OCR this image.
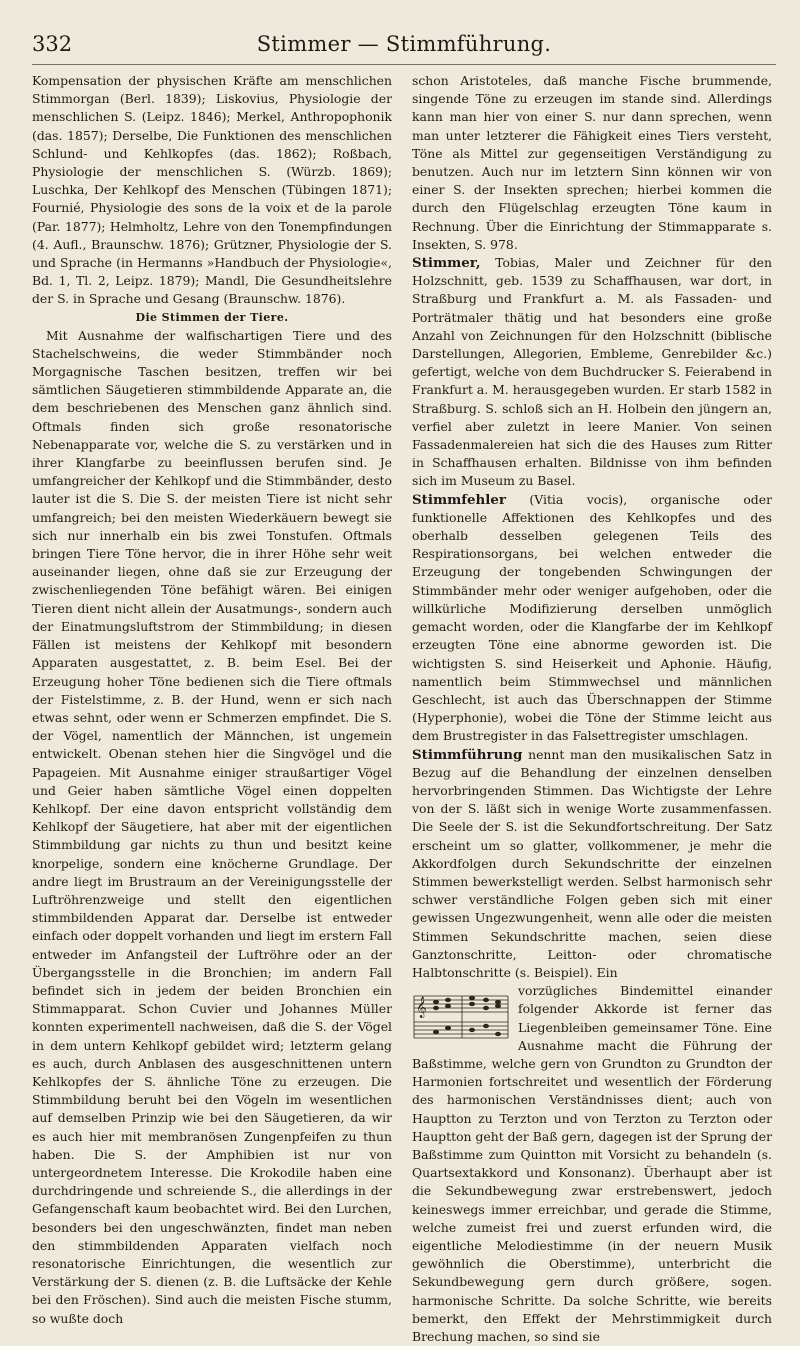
332	Stimmer — Stimmführung.

Kompensation der physischen Kräfte am menschlichen Stimmorgan (Berl. 1839); Liskovius, Physiologie der menschlichen S. (Leipz. 1846); Merkel, Anthropophonik (das. 1857); Derselbe, Die Funktionen des menschlichen Schlund- und Kehlkopfes (das. 1862); Roßbach, Physiologie der menschlichen S. (Würzb. 1869); Luschka, Der Kehlkopf des Menschen (Tübingen 1871); Fournié, Physiologie des sons de la voix et de la parole (Par. 1877); Helmholtz, Lehre von den Tonempfindungen (4. Aufl., Braunschw. 1876); Grützner, Physiologie der S. und Sprache (in Hermanns »Handbuch der Physiologie«, Bd. 1, Tl. 2, Leipz. 1879); Mandl, Die Gesundheitslehre der S. in Sprache und Gesang (Braunschw. 1876).

Die Stimmen der Tiere.

Mit Ausnahme der walfischartigen Tiere und des Stachelschweins, die weder Stimmbänder noch Morgagnische Taschen besitzen, treffen wir bei sämtlichen Säugetieren stimmbildende Apparate an, die dem beschriebenen des Menschen ganz ähnlich sind. Oftmals finden sich große resonatorische Nebenapparate vor, welche die S. zu verstärken und in ihrer Klangfarbe zu beeinflussen berufen sind. Je umfangreicher der Kehlkopf und die Stimmbänder, desto lauter ist die S. Die S. der meisten Tiere ist nicht sehr umfangreich; bei den meisten Wiederkäuern bewegt sie sich nur innerhalb ein bis zwei Tonstufen. Oftmals bringen Tiere Töne hervor, die in ihrer Höhe sehr weit auseinander liegen, ohne daß sie zur Erzeugung der zwischenliegenden Töne befähigt wären. Bei einigen Tieren dient nicht allein der Ausatmungs-, sondern auch der Einatmungsluftstrom der Stimmbildung; in diesen Fällen ist meistens der Kehlkopf mit besondern Apparaten ausgestattet, z. B. beim Esel. Bei der Erzeugung hoher Töne bedienen sich die Tiere oftmals der Fistelstimme, z. B. der Hund, wenn er sich nach etwas sehnt, oder wenn er Schmerzen empfindet. Die S. der Vögel, namentlich der Männchen, ist ungemein entwickelt. Obenan stehen hier die Singvögel und die Papageien. Mit Ausnahme einiger straußartiger Vögel und Geier haben sämtliche Vögel einen doppelten Kehlkopf. Der eine davon entspricht vollständig dem Kehlkopf der Säugetiere, hat aber mit der eigentlichen Stimmbildung gar nichts zu thun und besitzt keine knorpelige, sondern eine knöcherne Grundlage. Der andre liegt im Brustraum an der Vereinigungsstelle der Luftröhrenzweige und stellt den eigentlichen stimmbildenden Apparat dar. Derselbe ist entweder einfach oder doppelt vorhanden und liegt im erstern Fall entweder im Anfangsteil der Luftröhre oder an der Übergangsstelle in die Bronchien; im andern Fall befindet sich in jedem der beiden Bronchien ein Stimmapparat. Schon Cuvier und Johannes Müller konnten experimentell nachweisen, daß die S. der Vögel in dem untern Kehlkopf gebildet wird; letzterm gelang es auch, durch Anblasen des ausgeschnittenen untern Kehlkopfes der S. ähnliche Töne zu erzeugen. Die Stimmbildung beruht bei den Vögeln im wesentlichen auf demselben Prinzip wie bei den Säugetieren, da wir es auch hier mit membranösen Zungenpfeifen zu thun haben. Die S. der Amphibien ist nur von untergeordnetem Interesse. Die Krokodile haben eine durchdringende und schreiende S., die allerdings in der Gefangenschaft kaum beobachtet wird. Bei den Lurchen, besonders bei den ungeschwänzten, findet man neben den stimmbildenden Apparaten vielfach noch resonatorische Einrichtungen, die wesentlich zur Verstärkung der S. dienen (z. B. die Luftsäcke der Kehle bei den Fröschen). Sind auch die meisten Fische stumm, so wußte doch

schon Aristoteles, daß manche Fische brummende, singende Töne zu erzeugen im stande sind. Allerdings kann man hier von einer S. nur dann sprechen, wenn man unter letzterer die Fähigkeit eines Tiers versteht, Töne als Mittel zur gegenseitigen Verständigung zu benutzen. Auch nur im letztern Sinn können wir von einer S. der Insekten sprechen; hierbei kommen die durch den Flügelschlag erzeugten Töne kaum in Rechnung. Über die Einrichtung der Stimmapparate s. Insekten, S. 978.

Stimmer, Tobias, Maler und Zeichner für den Holzschnitt, geb. 1539 zu Schaffhausen, war dort, in Straßburg und Frankfurt a. M. als Fassaden- und Porträtmaler thätig und hat besonders eine große Anzahl von Zeichnungen für den Holzschnitt (biblische Darstellungen, Allegorien, Embleme, Genrebilder &c.) gefertigt, welche von dem Buchdrucker S. Feierabend in Frankfurt a. M. herausgegeben wurden. Er starb 1582 in Straßburg. S. schloß sich an H. Holbein den jüngern an, verfiel aber zuletzt in leere Manier. Von seinen Fassadenmalereien hat sich die des Hauses zum Ritter in Schaffhausen erhalten. Bildnisse von ihm befinden sich im Museum zu Basel.

Stimmfehler (Vitia vocis), organische oder funktionelle Affektionen des Kehlkopfes und des oberhalb desselben gelegenen Teils des Respirationsorgans, bei welchen entweder die Erzeugung der tongebenden Schwingungen der Stimmbänder mehr oder weniger aufgehoben, oder die willkürliche Modifizierung derselben unmöglich gemacht worden, oder die Klangfarbe der im Kehlkopf erzeugten Töne eine abnorme geworden ist. Die wichtigsten S. sind Heiserkeit und Aphonie. Häufig, namentlich beim Stimmwechsel und männlichen Geschlecht, ist auch das Überschnappen der Stimme (Hyperphonie), wobei die Töne der Stimme leicht aus dem Brustregister in das Falsettregister umschlagen.

Stimmführung nennt man den musikalischen Satz in Bezug auf die Behandlung der einzelnen denselben hervorbringenden Stimmen. Das Wichtigste der Lehre von der S. läßt sich in wenige Worte zusammenfassen. Die Seele der S. ist die Sekundfortschreitung. Der Satz erscheint um so glatter, vollkommener, je mehr die Akkordfolgen durch Sekundschritte der einzelnen Stimmen bewerkstelligt werden. Selbst harmonisch sehr schwer verständliche Folgen geben sich mit einer gewissen Ungezwungenheit, wenn alle oder die meisten Stimmen Sekundschritte machen, seien diese Ganztonschritte, Leitton- oder chromatische Halbtonschritte (s. Beispiel). Ein

𝄞

vorzügliches Bindemittel einander folgender Akkorde ist ferner das Liegenbleiben gemeinsamer Töne. Eine Ausnahme macht die Führung der Baßstimme, welche gern von Grundton zu Grundton der Harmonien fortschreitet und wesentlich der Förderung des harmonischen Verständnisses dient; auch von Hauptton zu Terzton und von Terzton zu Terzton oder Hauptton geht der Baß gern, dagegen ist der Sprung der Baßstimme zum Quintton mit Vorsicht zu behandeln (s. Quartsextakkord und Konsonanz). Überhaupt aber ist die Sekundbewegung zwar erstrebenswert, jedoch keineswegs immer erreichbar, und gerade die Stimme, welche zumeist frei und zuerst erfunden wird, die eigentliche Melodiestimme (in der neuern Musik gewöhnlich die Oberstimme), unterbricht die Sekundbewegung gern durch größere, sogen. harmonische Schritte. Da solche Schritte, wie bereits bemerkt, den Effekt der Mehrstimmigkeit durch Brechung machen, so sind sie
